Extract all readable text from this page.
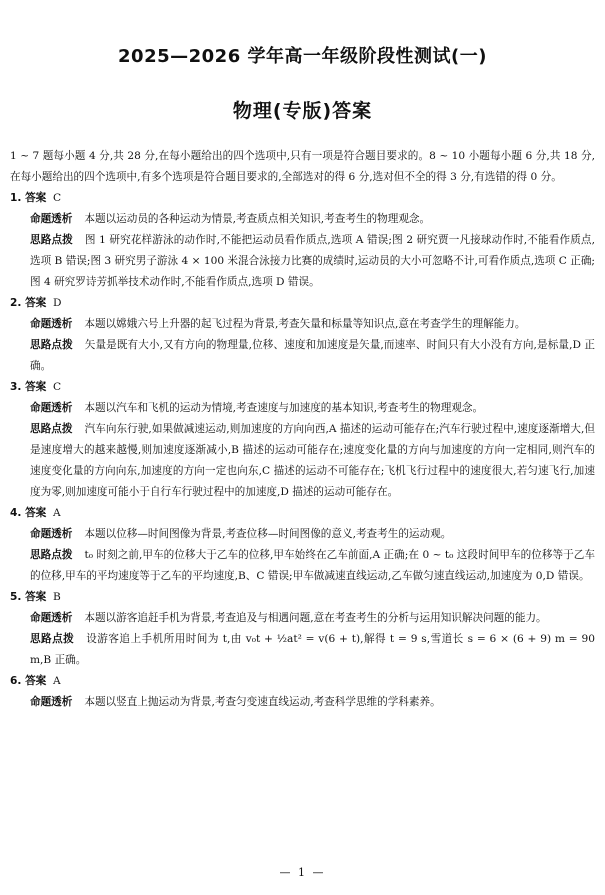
2025—2026 学年高一年级阶段性测试(一)
物理(专版)答案
1 ~ 7 题每小题 4 分,共 28 分,在每小题给出的四个选项中,只有一项是符合题目要求的。8 ~ 10 小题每小题 6 分,共 18 分,在每小题给出的四个选项中,有多个选项是符合题目要求的,全部选对的得 6 分,选对但不全的得 3 分,有选错的得 0 分。
1. 答案 C
命题透析 本题以运动员的各种运动为情景,考查质点相关知识,考查考生的物理观念。
思路点拨 图 1 研究花样游泳的动作时,不能把运动员看作质点,选项 A 错误;图 2 研究贾一凡接球动作时,不能看作质点,选项 B 错误;图 3 研究男子游泳 4 × 100 米混合泳接力比赛的成绩时,运动员的大小可忽略不计,可看作质点,选项 C 正确;图 4 研究罗诗芳抓举技术动作时,不能看作质点,选项 D 错误。
2. 答案 D
命题透析 本题以嫦娥六号上升器的起飞过程为背景,考查矢量和标量等知识点,意在考查学生的理解能力。
思路点拨 矢量是既有大小,又有方向的物理量,位移、速度和加速度是矢量,而速率、时间只有大小没有方向,是标量,D 正确。
3. 答案 C
命题透析 本题以汽车和飞机的运动为情境,考查速度与加速度的基本知识,考查考生的物理观念。
思路点拨 汽车向东行驶,如果做减速运动,则加速度的方向向西,A 描述的运动可能存在;汽车行驶过程中,速度逐渐增大,但是速度增大的越来越慢,则加速度逐渐减小,B 描述的运动可能存在;速度变化量的方向与加速度的方向一定相同,则汽车的速度变化量的方向向东,加速度的方向一定也向东,C 描述的运动不可能存在;飞机飞行过程中的速度很大,若匀速飞行,加速度为零,则加速度可能小于自行车行驶过程中的加速度,D 描述的运动可能存在。
4. 答案 A
命题透析 本题以位移—时间图像为背景,考查位移—时间图像的意义,考查考生的运动观。
思路点拨 t₀ 时刻之前,甲车的位移大于乙车的位移,甲车始终在乙车前面,A 正确;在 0 ~ t₀ 这段时间甲车的位移等于乙车的位移,甲车的平均速度等于乙车的平均速度,B、C 错误;甲车做减速直线运动,乙车做匀速直线运动,加速度为 0,D 错误。
5. 答案 B
命题透析 本题以游客追赶手机为背景,考查追及与相遇问题,意在考查考生的分析与运用知识解决问题的能力。
思路点拨 设游客追上手机所用时间为 t,由 v₀t + ½at² = v(6 + t),解得 t = 9 s,雪道长 s = 6 × (6 + 9) m = 90 m,B 正确。
6. 答案 A
命题透析 本题以竖直上抛运动为背景,考查匀变速直线运动,考查科学思维的学科素养。
— 1 —
